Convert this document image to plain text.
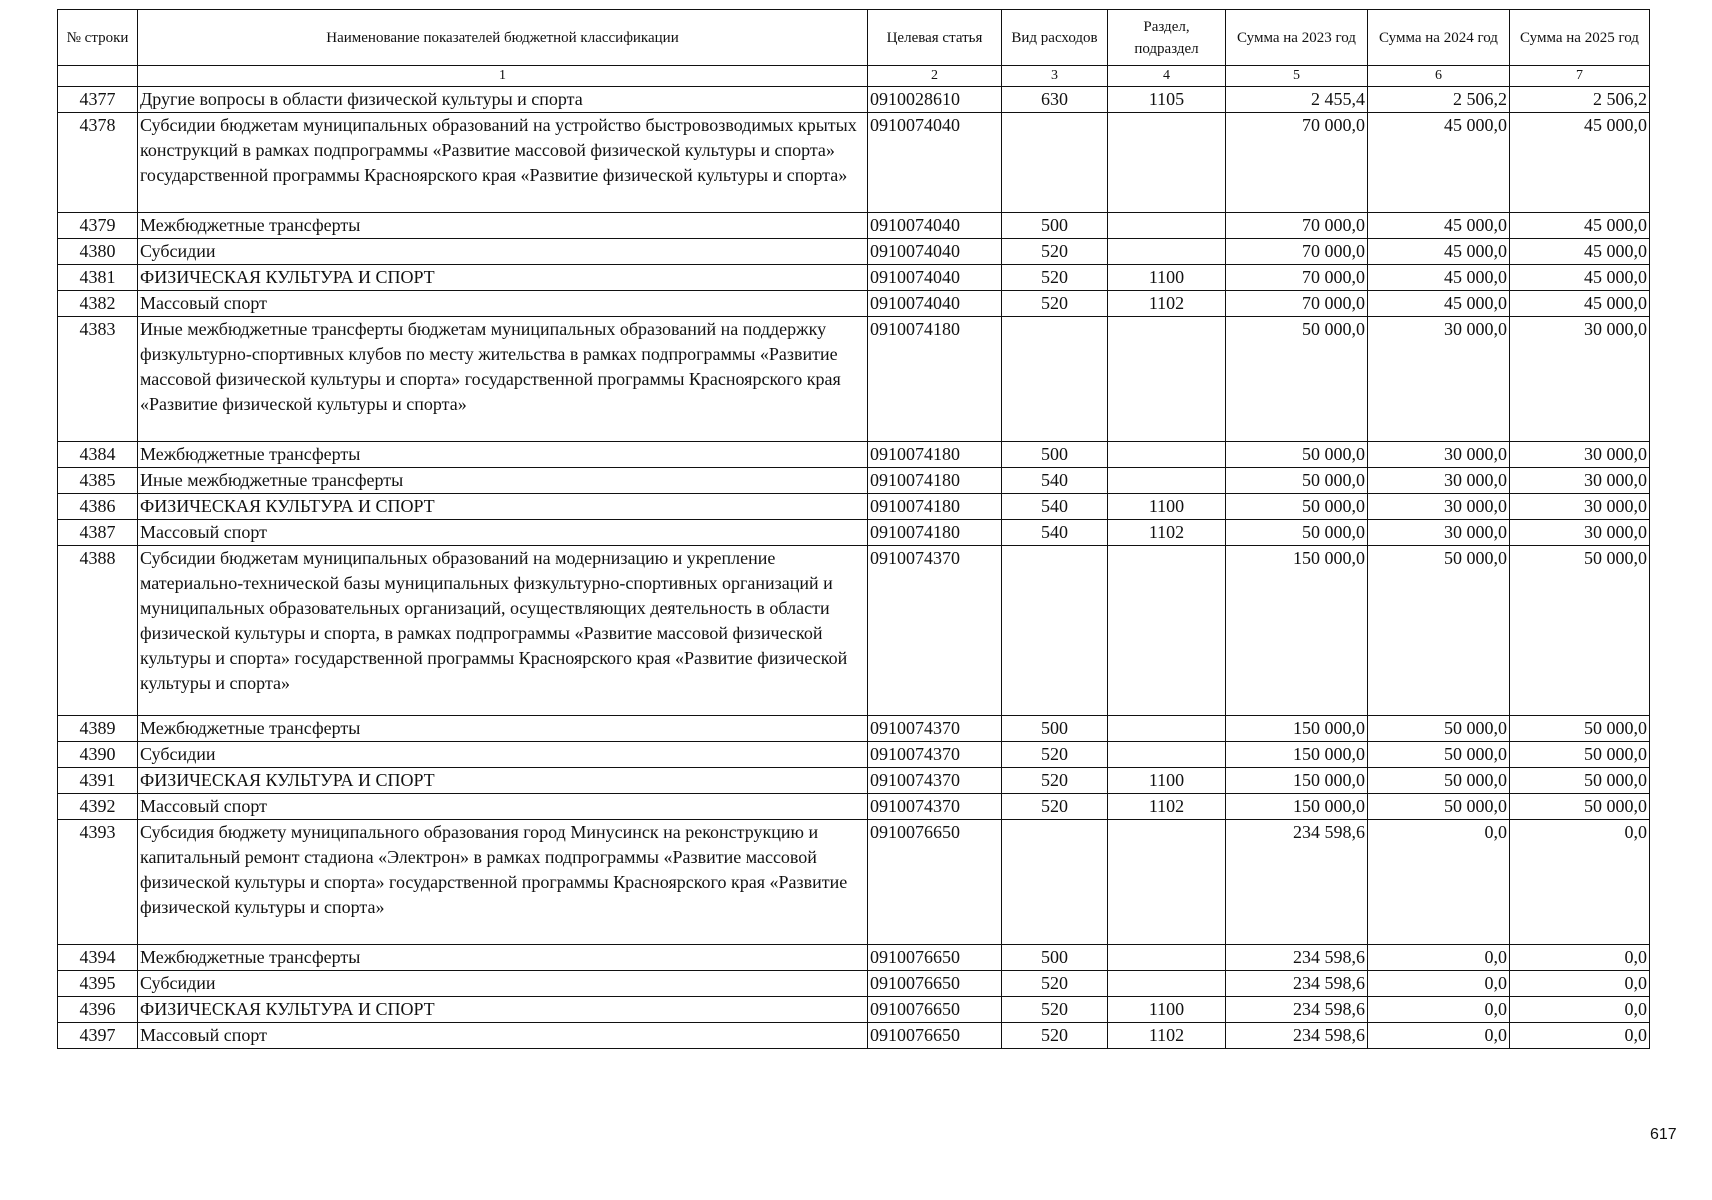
№ строки	Наименование показателей бюджетной классификации	Целевая статья	Вид расходов	Раздел, подраздел	Сумма на 2023 год	Сумма на 2024 год	Сумма на 2025 год
	1	2	3	4	5	6	7
4377	Другие вопросы в области физической культуры и спорта	0910028610	630	1105	2 455,4	2 506,2	2 506,2
4378	Субсидии бюджетам муниципальных образований на устройство быстровозводимых крытых конструкций в рамках подпрограммы «Развитие массовой физической культуры и спорта» государственной программы Красноярского края «Развитие физической культуры и спорта»	0910074040			70 000,0	45 000,0	45 000,0
4379	Межбюджетные трансферты	0910074040	500		70 000,0	45 000,0	45 000,0
4380	Субсидии	0910074040	520		70 000,0	45 000,0	45 000,0
4381	ФИЗИЧЕСКАЯ КУЛЬТУРА И СПОРТ	0910074040	520	1100	70 000,0	45 000,0	45 000,0
4382	Массовый спорт	0910074040	520	1102	70 000,0	45 000,0	45 000,0
4383	Иные межбюджетные трансферты бюджетам муниципальных образований на поддержку физкультурно-спортивных клубов по месту жительства в рамках подпрограммы «Развитие массовой физической культуры и спорта» государственной программы Красноярского края «Развитие физической культуры и спорта»	0910074180			50 000,0	30 000,0	30 000,0
4384	Межбюджетные трансферты	0910074180	500		50 000,0	30 000,0	30 000,0
4385	Иные межбюджетные трансферты	0910074180	540		50 000,0	30 000,0	30 000,0
4386	ФИЗИЧЕСКАЯ КУЛЬТУРА И СПОРТ	0910074180	540	1100	50 000,0	30 000,0	30 000,0
4387	Массовый спорт	0910074180	540	1102	50 000,0	30 000,0	30 000,0
4388	Субсидии бюджетам муниципальных образований на модернизацию и укрепление материально-технической базы муниципальных физкультурно-спортивных организаций и муниципальных образовательных организаций, осуществляющих деятельность в области физической культуры и спорта, в рамках подпрограммы «Развитие массовой физической культуры и спорта» государственной программы Красноярского края «Развитие физической культуры и спорта»	0910074370			150 000,0	50 000,0	50 000,0
4389	Межбюджетные трансферты	0910074370	500		150 000,0	50 000,0	50 000,0
4390	Субсидии	0910074370	520		150 000,0	50 000,0	50 000,0
4391	ФИЗИЧЕСКАЯ КУЛЬТУРА И СПОРТ	0910074370	520	1100	150 000,0	50 000,0	50 000,0
4392	Массовый спорт	0910074370	520	1102	150 000,0	50 000,0	50 000,0
4393	Субсидия бюджету муниципального образования город Минусинск на реконструкцию и капитальный ремонт стадиона «Электрон» в рамках подпрограммы «Развитие массовой физической культуры и спорта» государственной программы Красноярского края «Развитие физической культуры и спорта»	0910076650			234 598,6	0,0	0,0
4394	Межбюджетные трансферты	0910076650	500		234 598,6	0,0	0,0
4395	Субсидии	0910076650	520		234 598,6	0,0	0,0
4396	ФИЗИЧЕСКАЯ КУЛЬТУРА И СПОРТ	0910076650	520	1100	234 598,6	0,0	0,0
4397	Массовый спорт	0910076650	520	1102	234 598,6	0,0	0,0
617
